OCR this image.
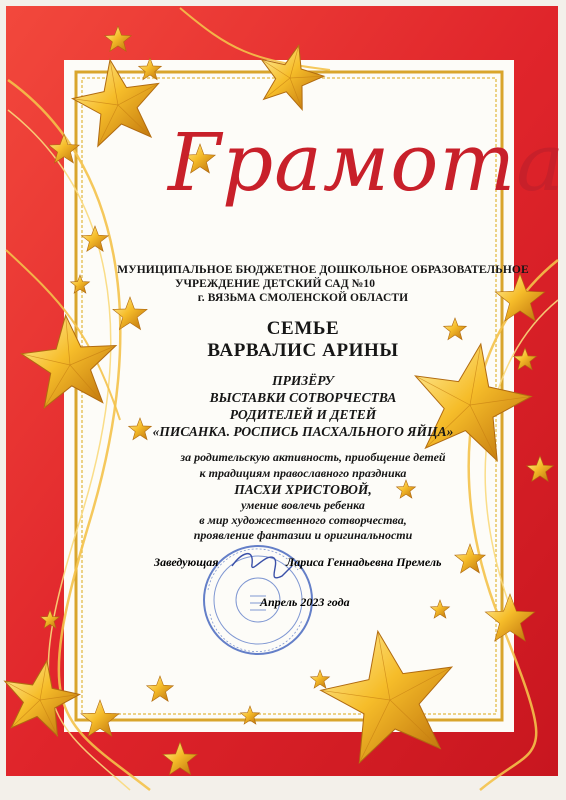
Грамота
МУНИЦИПАЛЬНОЕ БЮДЖЕТНОЕ ДОШКОЛЬНОЕ ОБРАЗОВАТЕЛЬНОЕ
УЧРЕЖДЕНИЕ ДЕТСКИЙ САД №10
г. ВЯЗЬМА СМОЛЕНСКОЙ ОБЛАСТИ
СЕМЬЕ
ВАРВАЛИС АРИНЫ
ПРИЗЁРУ
ВЫСТАВКИ СОТВОРЧЕСТВА
РОДИТЕЛЕЙ И ДЕТЕЙ
«ПИСАНКА. РОСПИСЬ ПАСХАЛЬНОГО ЯЙЦА»
за родительскую активность, приобщение детей
к традициям православного праздника
ПАСХИ ХРИСТОВОЙ,
умение вовлечь ребенка
в мир художественного сотворчества,
проявление фантазии и оригинальности
Заведующая	Лариса Геннадьевна Премель
Апрель 2023 года
